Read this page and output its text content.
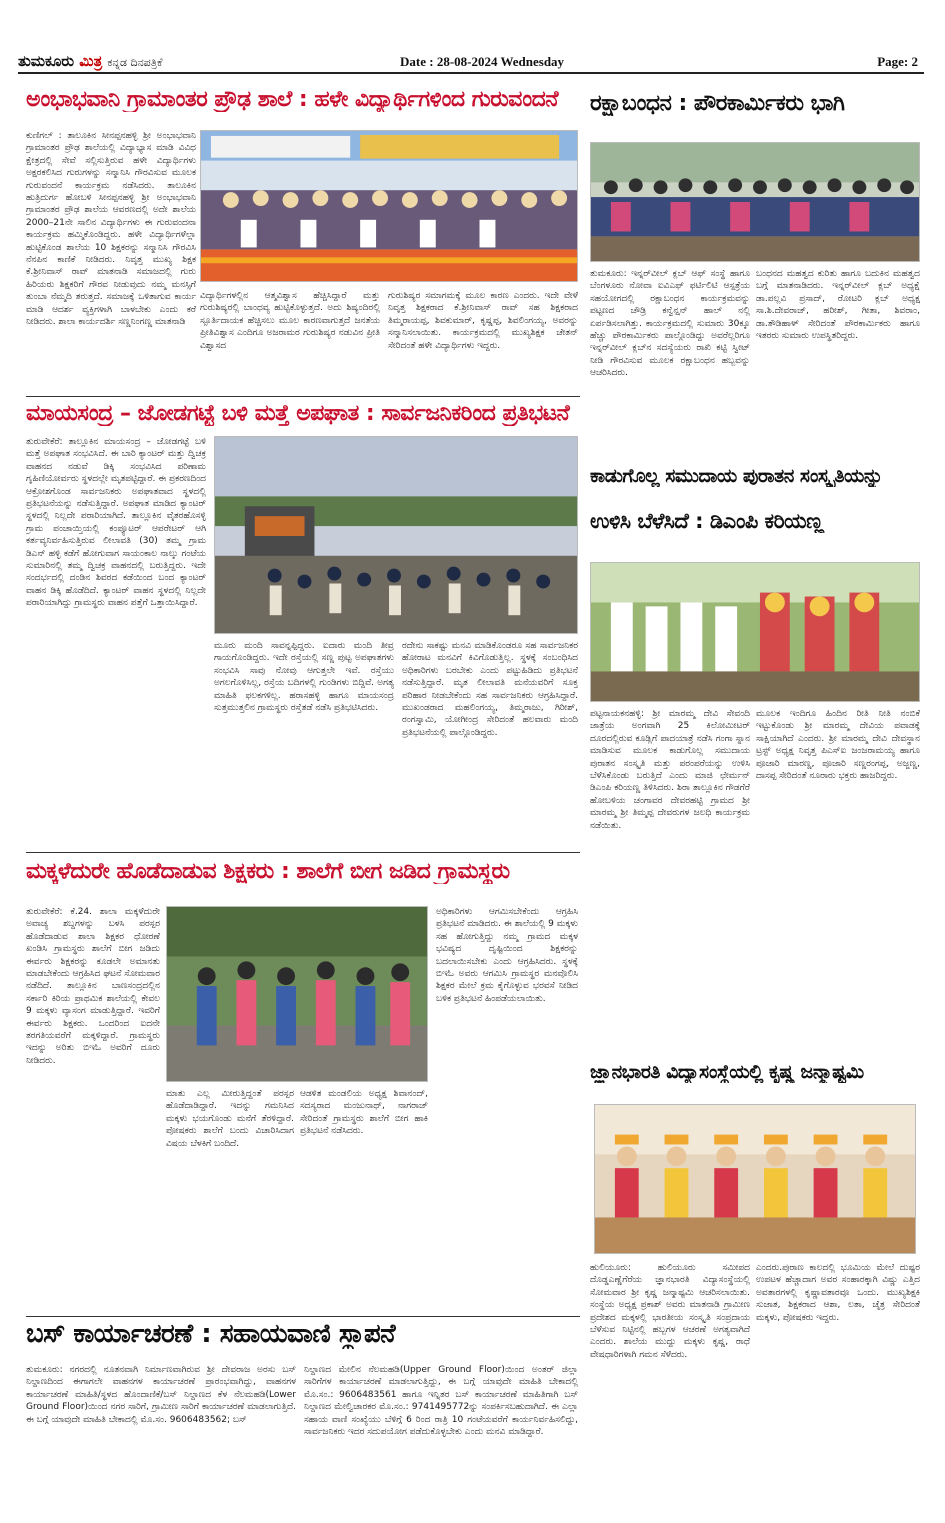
ತುಮಕೂರು ಮಿತ್ರ ಕನ್ನಡ ದಿನಪತ್ರಿಕೆ	Date : 28-08-2024 Wednesday	Page: 2
ಅಂಭಾಭವಾನಿ ಗ್ರಾಮಾಂತರ ಪ್ರೌಢ ಶಾಲೆ : ಹಳೇ ವಿದ್ಯಾರ್ಥಿಗಳಿಂದ ಗುರುವಂದನೆ
ಕುಣಿಗಲ್ : ತಾಲೂಕಿನ ಸೀನಪ್ಪನಹಳ್ಳಿ ಶ್ರೀ ಅಂಭಾಭವಾನಿ ಗ್ರಾಮಾಂತರ ಪ್ರೌಢ ಶಾಲೆಯಲ್ಲಿ ವಿದ್ಯಾಭ್ಯಾಸ ಮಾಡಿ ವಿವಿಧ ಕ್ಷೇತ್ರದಲ್ಲಿ ಸೇವೆ ಸಲ್ಲಿಸುತ್ತಿರುವ ಹಳೇ ವಿದ್ಯಾರ್ಥಿಗಳು ಅಕ್ಷರಕಲಿಸಿದ ಗುರುಗಳನ್ನು ಸನ್ಮಾನಿಸಿ ಗೌರವಿಸುವ ಮೂಲಕ ಗುರುವಂದನೆ ಕಾರ್ಯಕ್ರಮ ನಡೆಸಿದರು. ತಾಲೂಕಿನ ಹುತ್ರಿದುರ್ಗ ಹೋಬಳಿ ಸೀನಪ್ಪನಹಳ್ಳಿ ಶ್ರೀ ಅಂಭಾಭವಾನಿ ಗ್ರಾಮಾಂತರ ಪ್ರೌಢ ಶಾಲೆಯ ಆವರಣದಲ್ಲಿ ಅದೇ ಶಾಲೆಯ 2000–21ನೇ ಸಾಲಿನ ವಿದ್ಯಾರ್ಥಿಗಳು ಈ ಗುರುವಂದನಾ ಕಾರ್ಯಕ್ರಮ ಹಮ್ಮಿಕೊಂಡಿದ್ದರು. ಹಳೇ ವಿದ್ಯಾರ್ಥಿಗಳೆಲ್ಲಾ ಹುಟ್ಟಿಕೊಂಡ ಶಾಲೆಯ 10 ಶಿಕ್ಷಕರನ್ನು ಸನ್ಮಾನಿಸಿ ಗೌರವಿಸಿ ನೆನಪಿನ ಕಾಣಿಕೆ ನೀಡಿದರು. ನಿವೃತ್ತ ಮುಖ್ಯ ಶಿಕ್ಷಕ ಕೆ.ಶ್ರೀನಿವಾಸ್ ರಾವ್ ಮಾತನಾಡಿ ಸಮಾಜದಲ್ಲಿ ಗುರು ಹಿರಿಯರು ಶಿಕ್ಷಕರಿಗೆ ಗೌರವ ನೀಡುವುದು ನಮ್ಮ ಮನಸ್ಸಿಗೆ ತುಂಬಾ ನೆಮ್ಮದಿ ತರುತ್ತದೆ. ಸಮಾಜಕ್ಕೆ ಒಳಿತಾಗುವ ಕಾರ್ಯ ಮಾಡಿ ಆದರ್ಶ ವ್ಯಕ್ತಿಗಳಾಗಿ ಬಾಳಬೇಕು ಎಂದು ಕರೆ ನೀಡಿದರು. ಶಾಲಾ ಕಾರ್ಯದರ್ಶಿ ಸಣ್ಣನಿಂಗಣ್ಣ ಮಾತನಾಡಿ
ವಿದ್ಯಾರ್ಥಿಗಳಲ್ಲಿನ ಆತ್ಮವಿಶ್ವಾಸ ಹೆಚ್ಚಿಸಿದ್ದಾರೆ ಮತ್ತು ಗುರುಶಿಷ್ಯರಲ್ಲಿ ಬಾಂಧವ್ಯ ಹುಟ್ಟಿಕೊಳ್ಳುತ್ತದೆ. ಅದು ಶಿಷ್ಯಂದಿರಲ್ಲಿ ಸ್ಪೂರ್ತಿದಾಯಕ ಹೆಚ್ಚಿಸಲು ಮೂಲ ಕಾರಣವಾಗುತ್ತದೆ ಜನತೆಯ ಪ್ರೀತಿವಿಶ್ವಾಸ ಎಂದಿಗೂ ಅಜರಾಮರ ಗುರುಶಿಷ್ಯರ ನಡುವಿನ ಪ್ರೀತಿ ವಿಶ್ವಾಸದ
ಗುರುಶಿಷ್ಯರ ಸಮಾಗಮಕ್ಕೆ ಮೂಲ ಕಾರಣ ಎಂದರು. ಇದೇ ವೇಳೆ ನಿವೃತ್ತ ಶಿಕ್ಷಕರಾದ ಕೆ.ಶ್ರೀನಿವಾಸ್ ರಾವ್ ಸಹ ಶಿಕ್ಷಕರಾದ ತಿಮ್ಮರಾಯಪ್ಪ, ಶಿವಕುಮಾರ್, ಕೃಷ್ಣಪ್ಪ, ಶಿವಲಿಂಗಯ್ಯ, ಅವರನ್ನು ಸನ್ಮಾನಿಸಲಾಯಿತು. ಕಾರ್ಯಕ್ರಮದಲ್ಲಿ ಮುಖ್ಯಶಿಕ್ಷಕ ಚೇತನ್ ಸೇರಿದಂತೆ ಹಳೇ ವಿದ್ಯಾರ್ಥಿಗಳು ಇದ್ದರು.
ರಕ್ಷಾಬಂಧನ : ಪೌರಕಾರ್ಮಿಕರು ಭಾಗಿ
ತುಮಕೂರು: ಇನ್ನರ್‌ವೀಲ್ ಕ್ಲಬ್ ಆಫ್ ಸಂಸ್ಥೆ ಹಾಗೂ ಬೆಂಗಳೂರು ನೋವಾ ಐವಿಎಫ್ ಫರ್ಟಿಲಿಟಿ ಆಸ್ಪತ್ರೆಯ ಸಹಯೋಗದಲ್ಲಿ ರಕ್ಷಾಬಂಧನ ಕಾರ್ಯಕ್ರಮವನ್ನು ಪಟ್ಟಣದ ಚೌಡ್ರಿ ಕನ್ವೆನ್ಷನ್ ಹಾಲ್ ನಲ್ಲಿ ಏರ್ಪಡಿಸಲಾಗಿತ್ತು. ಕಾರ್ಯಕ್ರಮದಲ್ಲಿ ಸುಮಾರು 30ಕ್ಕೂ ಹೆಚ್ಚು ಪೌರಕಾರ್ಮಿಕರು ಪಾಲ್ಗೊಂಡಿದ್ದು ಅವರೆಲ್ಲರಿಗೂ ಇನ್ನರ್‌ವೀಲ್ ಕ್ಲಬ್‌ನ ಸದಸ್ಯೆಯರು ರಾಖಿ ಕಟ್ಟಿ ಸ್ವೀಟ್ ನೀಡಿ ಗೌರವಿಸುವ ಮೂಲಕ ರಕ್ಷಾಬಂಧನ ಹಬ್ಬವನ್ನು ಆಚರಿಸಿದರು.
ಬಂಧನದ ಮಹತ್ವದ ಕುರಿತು ಹಾಗೂ ಬದುಕಿನ ಮಹತ್ವದ ಬಗ್ಗೆ ಮಾತನಾಡಿದರು. ಇನ್ನರ್‌ವೀಲ್ ಕ್ಲಬ್ ಅಧ್ಯಕ್ಷೆ ಡಾ.ಪಲ್ಲವಿ ಪ್ರಸಾದ್, ರೋಟರಿ ಕ್ಲಬ್ ಅಧ್ಯಕ್ಷ ಸಾ.ಶಿ.ದೇವರಾಜ್, ಹರೀಶ್, ಗೀತಾ, ಶಿವರಾಂ, ಡಾ.ತೌಡಿಹಾಳ್ ಸೇರಿದಂತೆ ಪೌರಕಾರ್ಮಿಕರು ಹಾಗೂ ಇತರರು ಸುಮಾರು ಉಪಸ್ಥಿತರಿದ್ದರು.
ಮಾಯಸಂದ್ರ – ಜೋಡಗಟ್ಟೆ ಬಳಿ ಮತ್ತೆ ಅಪಘಾತ : ಸಾರ್ವಜನಿಕರಿಂದ ಪ್ರತಿಭಟನೆ
ತುರುವೇಕೆರೆ: ತಾಲ್ಲೂಕಿನ ಮಾಯಸಂದ್ರ – ಜೋಡಗಟ್ಟೆ ಬಳಿ ಮತ್ತೆ ಅಪಘಾತ ಸಂಭವಿಸಿದೆ. ಈ ಬಾರಿ ಕ್ಯಾಂಟರ್ ಮತ್ತು ದ್ವಿಚಕ್ರ ವಾಹನದ ನಡುವೆ ಡಿಕ್ಕಿ ಸಂಭವಿಸಿದ ಪರಿಣಾಮ ಗೃಹಿಣಿಯೋರ್ವರು ಸ್ಥಳದಲ್ಲೇ ಮೃತಪಟ್ಟಿದ್ದಾರೆ. ಈ ಪ್ರಕರಣದಿಂದ ಆಕ್ರೋಶಗೊಂಡ ಸಾರ್ವಜನಿಕರು ಅಪಘಾತವಾದ ಸ್ಥಳದಲ್ಲಿ ಪ್ರತಿಭಟನೆಯನ್ನು ನಡೆಸುತ್ತಿದ್ದಾರೆ. ಅಪಘಾತ ಮಾಡಿದ ಕ್ಯಾಂಟರ್ ಸ್ಥಳದಲ್ಲಿ ನಿಲ್ಲದೇ ಪರಾರಿಯಾಗಿದೆ. ತಾಲ್ಲೂಕಿನ ವೈತರಹೊಸಳ್ಳಿ ಗ್ರಾಮ ಪಂಚಾಯ್ತಿಯಲ್ಲಿ ಕಂಪ್ಯೂಟರ್ ಆಪರೇಟರ್ ಆಗಿ ಕರ್ತವ್ಯನಿರ್ವಹಿಸುತ್ತಿರುವ ಲೀಲಾವತಿ (30) ತಮ್ಮ ಗ್ರಾಮ ಡಿಎನ್ ಹಳ್ಳಿ ಕಡೆಗೆ ಹೋಗುವಾಗ ಸಾಯಂಕಾಲ ನಾಲ್ಕು ಗಂಟೆಯ ಸುಮಾರಿನಲ್ಲಿ ತಮ್ಮ ದ್ವಿಚಕ್ರ ವಾಹನದಲ್ಲಿ ಬರುತ್ತಿದ್ದರು. ಇದೇ ಸಂದರ್ಭದಲ್ಲಿ ದಂಡಿನ ಶಿವರದ ಕಡೆಯಿಂದ ಬಂದ ಕ್ಯಾಂಟರ್ ವಾಹನ ಡಿಕ್ಕಿ ಹೊಡೆದಿದೆ. ಕ್ಯಾಂಟರ್ ವಾಹನ ಸ್ಥಳದಲ್ಲಿ ನಿಲ್ಲದೇ ಪರಾರಿಯಾಗಿದ್ದು ಗ್ರಾಮಸ್ಥರು ವಾಹನ ಪತ್ತೆಗೆ ಒತ್ತಾಯಿಸಿದ್ದಾರೆ.
ಮೂರು ಮಂದಿ ಸಾವನ್ನಪ್ಪಿದ್ದರು. ಐದಾರು ಮಂದಿ ತೀವ್ರ ಗಾಯಗೊಂಡಿದ್ದರು. ಇದೇ ರಸ್ತೆಯಲ್ಲಿ ಸಣ್ಣ ಪುಟ್ಟ ಅಪಘಾತಗಳು ಸಂಭವಿಸಿ ಸಾವು ನೋವು ಆಗುತ್ತಲೇ ಇವೆ. ರಸ್ತೆಯು ಅಗಲಗೊಳಿಸಿಲ್ಲ, ರಸ್ತೆಯ ಬದಿಗಳಲ್ಲಿ ಗುಂಡಿಗಳು ಬಿದ್ದಿವೆ. ಅಗತ್ಯ ಮಾಹಿತಿ ಫಲಕಗಳಿಲ್ಲ. ಹರಾಸಹಳ್ಳಿ ಹಾಗೂ ಮಾಯಸಂದ್ರ ಸುತ್ತಮುತ್ತಲಿನ ಗ್ರಾಮಸ್ಥರು ರಸ್ತೆತಡೆ ನಡೆಸಿ ಪ್ರತಿಭಟಿಸಿದರು.
ರದೇನು ಸಾಕಷ್ಟು ಮನವಿ ಮಾಡಿಕೊಂಡರೂ ಸಹ ಸಾರ್ವಜನಿಕರ ಹೋರಾಟ ಮನವಿಗೆ ಕಿವಿಗೊಡುತ್ತಿಲ್ಲ. ಸ್ಥಳಕ್ಕೆ ಸಂಬಂಧಿಸಿದ ಅಧಿಕಾರಿಗಳು ಬರಬೇಕು ಎಂದು ಪಟ್ಟುಹಿಡಿದು ಪ್ರತಿಭಟನೆ ನಡೆಸುತ್ತಿದ್ದಾರೆ. ಮೃತ ಲೀಲಾವತಿ ಮನೆಯವರಿಗೆ ಸೂಕ್ತ ಪರಿಹಾರ ನೀಡಬೇಕೆಂದು ಸಹ ಸಾರ್ವಜನಿಕರು ಆಗ್ರಹಿಸಿದ್ದಾರೆ. ಮುಖಂಡರಾದ ಮಹಲಿಂಗಯ್ಯ, ತಿಮ್ಮರಾಜು, ಗಿರೀಶ್, ರಂಗಸ್ವಾಮಿ, ಯೋಗೀಂದ್ರ ಸೇರಿದಂತೆ ಹಲವಾರು ಮಂದಿ ಪ್ರತಿಭಟನೆಯಲ್ಲಿ ಪಾಲ್ಗೊಂಡಿದ್ದರು.
ಕಾಡುಗೊಲ್ಲ ಸಮುದಾಯ ಪುರಾತನ ಸಂಸ್ಕೃತಿಯನ್ನು
ಉಳಿಸಿ ಬೆಳೆಸಿದೆ : ಡಿಎಂಪಿ ಕರಿಯಣ್ಣ
ಪಟ್ಟನಾಯಕನಹಳ್ಳಿ: ಶ್ರೀ ಮಾರಮ್ಮ ದೇವಿ ಸೇವಂದಿ ಜಾತ್ರೆಯ ಅಂಗವಾಗಿ 25 ಕಿಲೋಮೀಟರ್ ದೂರದಲ್ಲಿರುವ ಕೂಡ್ಲಿಗೆ ಪಾದಯಾತ್ರೆ ನಡೆಸಿ ಗಂಗಾ ಸ್ನಾನ ಮಾಡಿಸುವ ಮೂಲಕ ಕಾಡುಗೊಲ್ಲ ಸಮುದಾಯ ಪುರಾತನ ಸಂಸ್ಕೃತಿ ಮತ್ತು ಪರಂಪರೆಯನ್ನು ಉಳಿಸಿ ಬೆಳೆಸಿಕೊಂಡು ಬರುತ್ತಿದೆ ಎಂದು ಮಾಜಿ ಛೇರ್ಮನ್ ಡಿಎಂಪಿ ಕರಿಯಣ್ಣ ತಿಳಿಸಿದರು. ಶಿರಾ ತಾಲ್ಲೂಕಿನ ಗೌಡಗೆರೆ ಹೋಬಳಿಯ ಚಂಗಾವರ ದೇವರಹಟ್ಟಿ ಗ್ರಾಮದ ಶ್ರೀ ಮಾರಮ್ಮ ಶ್ರೀ ತಿಮ್ಮಪ್ಪ ದೇವರುಗಳ ಜಲಧಿ ಕಾರ್ಯಕ್ರಮ ನಡೆಯಿತು.
ಮೂಲಕ ಇಂದಿಗೂ ಹಿಂದಿನ ರೀತಿ ನೀತಿ ನಂಬಿಕೆ ಇಟ್ಟುಕೊಂಡು ಶ್ರೀ ಮಾರಮ್ಮ ದೇವಿಯ ಪವಾಡಕ್ಕೆ ಸಾಕ್ಷಿಯಾಗಿದೆ ಎಂದರು. ಶ್ರೀ ಮಾರಮ್ಮ ದೇವಿ ದೇವಸ್ಥಾನ ಟ್ರಸ್ಟ್ ಅಧ್ಯಕ್ಷ ನಿವೃತ್ತ ಪಿಎಸ್ಐ ಜಂಜರಾಮಯ್ಯ ಹಾಗೂ ಪೂಜಾರಿ ಮಾರಣ್ಣ, ಪೂಜಾರಿ ಸಣ್ಣರಂಗಪ್ಪ, ಅಜ್ಜಣ್ಣ, ದಾಸಪ್ಪ ಸೇರಿದಂತೆ ನೂರಾರು ಭಕ್ತರು ಹಾಜರಿದ್ದರು.
ಮಕ್ಕಳೆದುರೇ ಹೊಡೆದಾಡುವ ಶಿಕ್ಷಕರು : ಶಾಲೆಗೆ ಬೀಗ ಜಡಿದ ಗ್ರಾಮಸ್ಥರು
ತುರುವೇಕೆರೆ: ಕೆ.24. ಶಾಲಾ ಮಕ್ಕಳೆದುರೇ ಅವಾಚ್ಯ ಶಬ್ದಗಳನ್ನು ಬಳಸಿ ಪರಸ್ಪರ ಹೊಡೆದಾಡುವ ಶಾಲಾ ಶಿಕ್ಷಕರ ಧೋರಣೆ ಖಂಡಿಸಿ ಗ್ರಾಮಸ್ಥರು ಶಾಲೆಗೆ ಬೀಗ ಜಡಿದು ಈರ್ವರು ಶಿಕ್ಷಕರನ್ನು ಕೂಡಲೇ ಅಮಾನತು ಮಾಡಬೇಕೆಂದು ಆಗ್ರಹಿಸಿದ ಘಟನೆ ಸೋಮವಾರ ನಡೆದಿದೆ. ತಾಲ್ಲೂಕಿನ ಬಾಣಸಂದ್ರದಲ್ಲಿನ ಸರ್ಕಾರಿ ಕಿರಿಯ ಪ್ರಾಥಮಿಕ ಶಾಲೆಯಲ್ಲಿ ಕೇವಲ 9 ಮಕ್ಕಳು ವ್ಯಾಸಂಗ ಮಾಡುತ್ತಿದ್ದಾರೆ. ಇವರಿಗೆ ಈರ್ವರು ಶಿಕ್ಷಕರು. ಒಂದರಿಂದ ಐದನೇ ತರಗತಿಯವರೆಗೆ ಮಕ್ಕಳಿದ್ದಾರೆ. ಗ್ರಾಮಸ್ಥರು ಇದನ್ನು ಅರಿತು ಬಿಇಓ ಅವರಿಗೆ ದೂರು ನೀಡಿದರು.
ಮಾತು ಎಲ್ಲ ಮೀರುತ್ತಿದ್ದಂತೆ ಪರಸ್ಪರ ಹೊಡೆದಾಡಿದ್ದಾರೆ. ಇದನ್ನು ಗಮನಿಸಿದ ಮಕ್ಕಳು ಭಯಗೊಂಡು ಮನೆಗೆ ತೆರಳಿದ್ದಾರೆ. ಪೋಷಕರು ಶಾಲೆಗೆ ಬಂದು ವಿಚಾರಿಸಿದಾಗ ವಿಷಯ ಬೆಳಕಿಗೆ ಬಂದಿದೆ.
ಆಡಳಿತ ಮಂಡಲಿಯ ಅಧ್ಯಕ್ಷ ಶಿವಾನಂದ್, ಸದಸ್ಯರಾದ ಮಂಜುನಾಥ್, ನಾಗರಾಜ್ ಸೇರಿದಂತೆ ಗ್ರಾಮಸ್ಥರು ಶಾಲೆಗೆ ಬೀಗ ಹಾಕಿ ಪ್ರತಿಭಟನೆ ನಡೆಸಿದರು.
ಅಧಿಕಾರಿಗಳು ಆಗಮಿಸಬೇಕೆಂದು ಆಗ್ರಹಿಸಿ ಪ್ರತಿಭಟನೆ ಮಾಡಿದರು. ಈ ಶಾಲೆಯಲ್ಲಿ 9 ಮಕ್ಕಳು ಸಹ ಹೋಗುತ್ತಿದ್ದು ನಮ್ಮ ಗ್ರಾಮದ ಮಕ್ಕಳ ಭವಿಷ್ಯದ ದೃಷ್ಟಿಯಿಂದ ಶಿಕ್ಷಕರನ್ನು ಬದಲಾಯಿಸಬೇಕು ಎಂದು ಆಗ್ರಹಿಸಿದರು. ಸ್ಥಳಕ್ಕೆ ಬಿಇಓ ಅವರು ಆಗಮಿಸಿ ಗ್ರಾಮಸ್ಥರ ಮನವೊಲಿಸಿ ಶಿಕ್ಷಕರ ಮೇಲೆ ಕ್ರಮ ಕೈಗೊಳ್ಳುವ ಭರವಸೆ ನೀಡಿದ ಬಳಿಕ ಪ್ರತಿಭಟನೆ ಹಿಂಪಡೆಯಲಾಯಿತು.
ಜ್ಞಾನಭಾರತಿ ವಿದ್ಯಾಸಂಸ್ಥೆಯಲ್ಲಿ ಕೃಷ್ಣ ಜನ್ಮಾಷ್ಟಮಿ
ಹುಲಿಯೂರು: ಹುಲಿಯೂರು ಸಮೀಪದ ದೊಡ್ಡಎಣ್ಣೆಗೆರೆಯ ಜ್ಞಾನಭಾರತಿ ವಿದ್ಯಾಸಂಸ್ಥೆಯಲ್ಲಿ ಸೋಮವಾರ ಶ್ರೀ ಕೃಷ್ಣ ಜನ್ಮಾಷ್ಟಮಿ ಆಚರಿಸಲಾಯಿತು. ಸಂಸ್ಥೆಯ ಅಧ್ಯಕ್ಷ ಪ್ರಕಾಶ್ ಅವರು ಮಾತನಾಡಿ ಗ್ರಾಮೀಣ ಪ್ರದೇಶದ ಮಕ್ಕಳಲ್ಲಿ ಭಾರತೀಯ ಸಂಸ್ಕೃತಿ ಸಂಪ್ರದಾಯ ಬೆಳೆಸುವ ನಿಟ್ಟಿನಲ್ಲಿ ಹಬ್ಬಗಳ ಆಚರಣೆ ಅಗತ್ಯವಾಗಿದೆ ಎಂದರು. ಶಾಲೆಯ ಮುದ್ದು ಮಕ್ಕಳು ಕೃಷ್ಣ, ರಾಧೆ ವೇಷಧಾರಿಗಳಾಗಿ ಗಮನ ಸೆಳೆದರು.
ಎಂದರು.ಪುರಾಣ ಕಾಲದಲ್ಲಿ ಭೂಮಿಯ ಮೇಲೆ ದುಷ್ಟರ ಉಪಟಳ ಹೆಚ್ಚಾದಾಗ ಅವರ ಸಂಹಾರಕ್ಕಾಗಿ ವಿಷ್ಣು ಎತ್ತಿದ ಅವತಾರಗಳಲ್ಲಿ ಕೃಷ್ಣಾವತಾರವೂ ಒಂದು. ಮುಖ್ಯಶಿಕ್ಷಕಿ ಸುಜಾತ, ಶಿಕ್ಷಕರಾದ ಆಶಾ, ಲತಾ, ಚೈತ್ರ ಸೇರಿದಂತೆ ಮಕ್ಕಳು, ಪೋಷಕರು ಇದ್ದರು.
ಬಸ್ ಕಾರ್ಯಾಚರಣೆ : ಸಹಾಯವಾಣಿ ಸ್ಥಾಪನೆ
ತುಮಕೂರು: ನಗರದಲ್ಲಿ ನೂತನವಾಗಿ ನಿರ್ಮಾಣವಾಗಿರುವ ಶ್ರೀ ದೇವರಾಜ ಅರಸು ಬಸ್ ನಿಲ್ದಾಣದಿಂದ ಈಗಾಗಲೇ ವಾಹನಗಳ ಕಾರ್ಯಾಚರಣೆ ಪ್ರಾರಂಭವಾಗಿದ್ದು, ವಾಹನಗಳ ಕಾರ್ಯಾಚರಣೆ ಮಾಹಿತಿ/ಸ್ಥಳದ ಹೊಂದಾಣಿಕೆ/ಬಸ್ ನಿಲ್ದಾಣದ ಕೆಳ ನೆಲಮಹಡಿ(Lower Ground Floor)ಯಿಂದ ನಗರ ಸಾರಿಗೆ, ಗ್ರಾಮೀಣ ಸಾರಿಗೆ ಕಾರ್ಯಾಚರಣೆ ಮಾಡಲಾಗುತ್ತಿದೆ. ಈ ಬಗ್ಗೆ ಯಾವುದೇ ಮಾಹಿತಿ ಬೇಕಾದಲ್ಲಿ ಮೊ.ಸಂ. 9606483562; ಬಸ್
ನಿಲ್ದಾಣದ ಮೇಲಿನ ನೆಲಮಹಡಿ(Upper Ground Floor)ಯಿಂದ ಅಂತರ್ ಜಿಲ್ಲಾ ಸಾರಿಗೆಗಳ ಕಾರ್ಯಾಚರಣೆ ಮಾಡಲಾಗುತ್ತಿದ್ದು, ಈ ಬಗ್ಗೆ ಯಾವುದೇ ಮಾಹಿತಿ ಬೇಕಾದಲ್ಲಿ ಮೊ.ಸಂ.: 9606483561 ಹಾಗೂ ಇನ್ನಿತರ ಬಸ್ ಕಾರ್ಯಾಚರಣೆ ಮಾಹಿತಿಗಾಗಿ ಬಸ್ ನಿಲ್ದಾಣದ ಮೇಲ್ವಿಚಾರಕರ ಮೊ.ಸಂ.: 9741495772ನ್ನು ಸಂಪರ್ಕಿಸಬಹುದಾಗಿದೆ. ಈ ಎಲ್ಲಾ ಸಹಾಯ ವಾಣಿ ಸಂಖ್ಯೆಯು ಬೆಳಿಗ್ಗೆ 6 ರಿಂದ ರಾತ್ರಿ 10 ಗಂಟೆಯವರೆಗೆ ಕಾರ್ಯನಿರ್ವಹಿಸಲಿದ್ದು, ಸಾರ್ವಜನಿಕರು ಇದರ ಸದುಪಯೋಗ ಪಡೆದುಕೊಳ್ಳಬೇಕು ಎಂದು ಮನವಿ ಮಾಡಿದ್ದಾರೆ.
